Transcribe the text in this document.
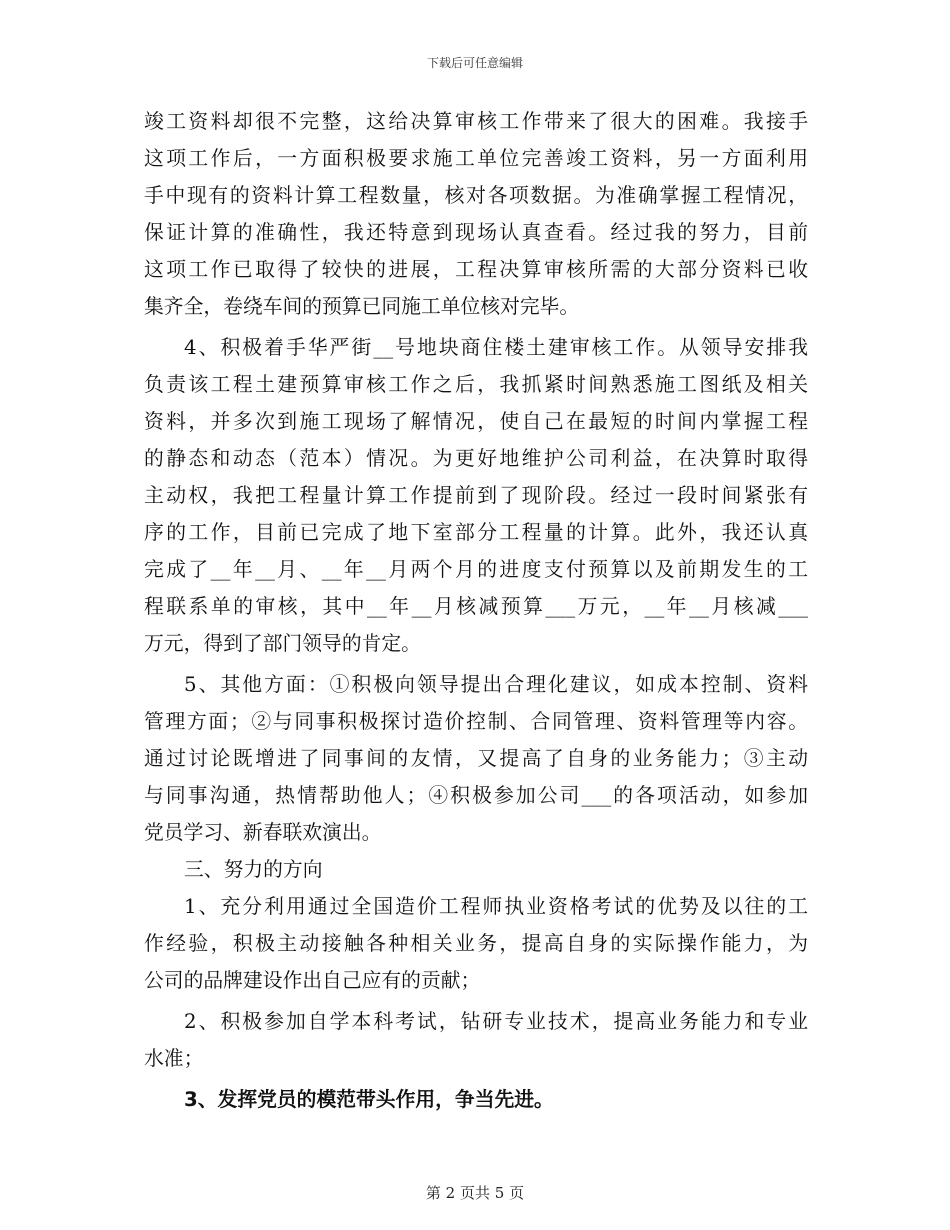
下载后可任意编辑
竣工资料却很不完整，这给决算审核工作带来了很大的困难。我接手
这项工作后，一方面积极要求施工单位完善竣工资料，另一方面利用
手中现有的资料计算工程数量，核对各项数据。为准确掌握工程情况，
保证计算的准确性，我还特意到现场认真查看。经过我的努力，目前
这项工作已取得了较快的进展，工程决算审核所需的大部分资料已收
集齐全，卷绕车间的预算已同施工单位核对完毕。
4、积极着手华严街__号地块商住楼土建审核工作。从领导安排我
负责该工程土建预算审核工作之后，我抓紧时间熟悉施工图纸及相关
资料，并多次到施工现场了解情况，使自己在最短的时间内掌握工程
的静态和动态（范本）情况。为更好地维护公司利益，在决算时取得
主动权，我把工程量计算工作提前到了现阶段。经过一段时间紧张有
序的工作，目前已完成了地下室部分工程量的计算。此外，我还认真
完成了__年__月、__年__月两个月的进度支付预算以及前期发生的工
程联系单的审核，其中__年__月核减预算___万元，__年__月核减___
万元，得到了部门领导的肯定。
5、其他方面：①积极向领导提出合理化建议，如成本控制、资料
管理方面；②与同事积极探讨造价控制、合同管理、资料管理等内容。
通过讨论既增进了同事间的友情，又提高了自身的业务能力；③主动
与同事沟通，热情帮助他人；④积极参加公司___的各项活动，如参加
党员学习、新春联欢演出。
三、努力的方向
1、充分利用通过全国造价工程师执业资格考试的优势及以往的工
作经验，积极主动接触各种相关业务，提高自身的实际操作能力，为
公司的品牌建设作出自己应有的贡献；
2、积极参加自学本科考试，钻研专业技术，提高业务能力和专业
水准；
3、发挥党员的模范带头作用，争当先进。
第 2 页共 5 页
